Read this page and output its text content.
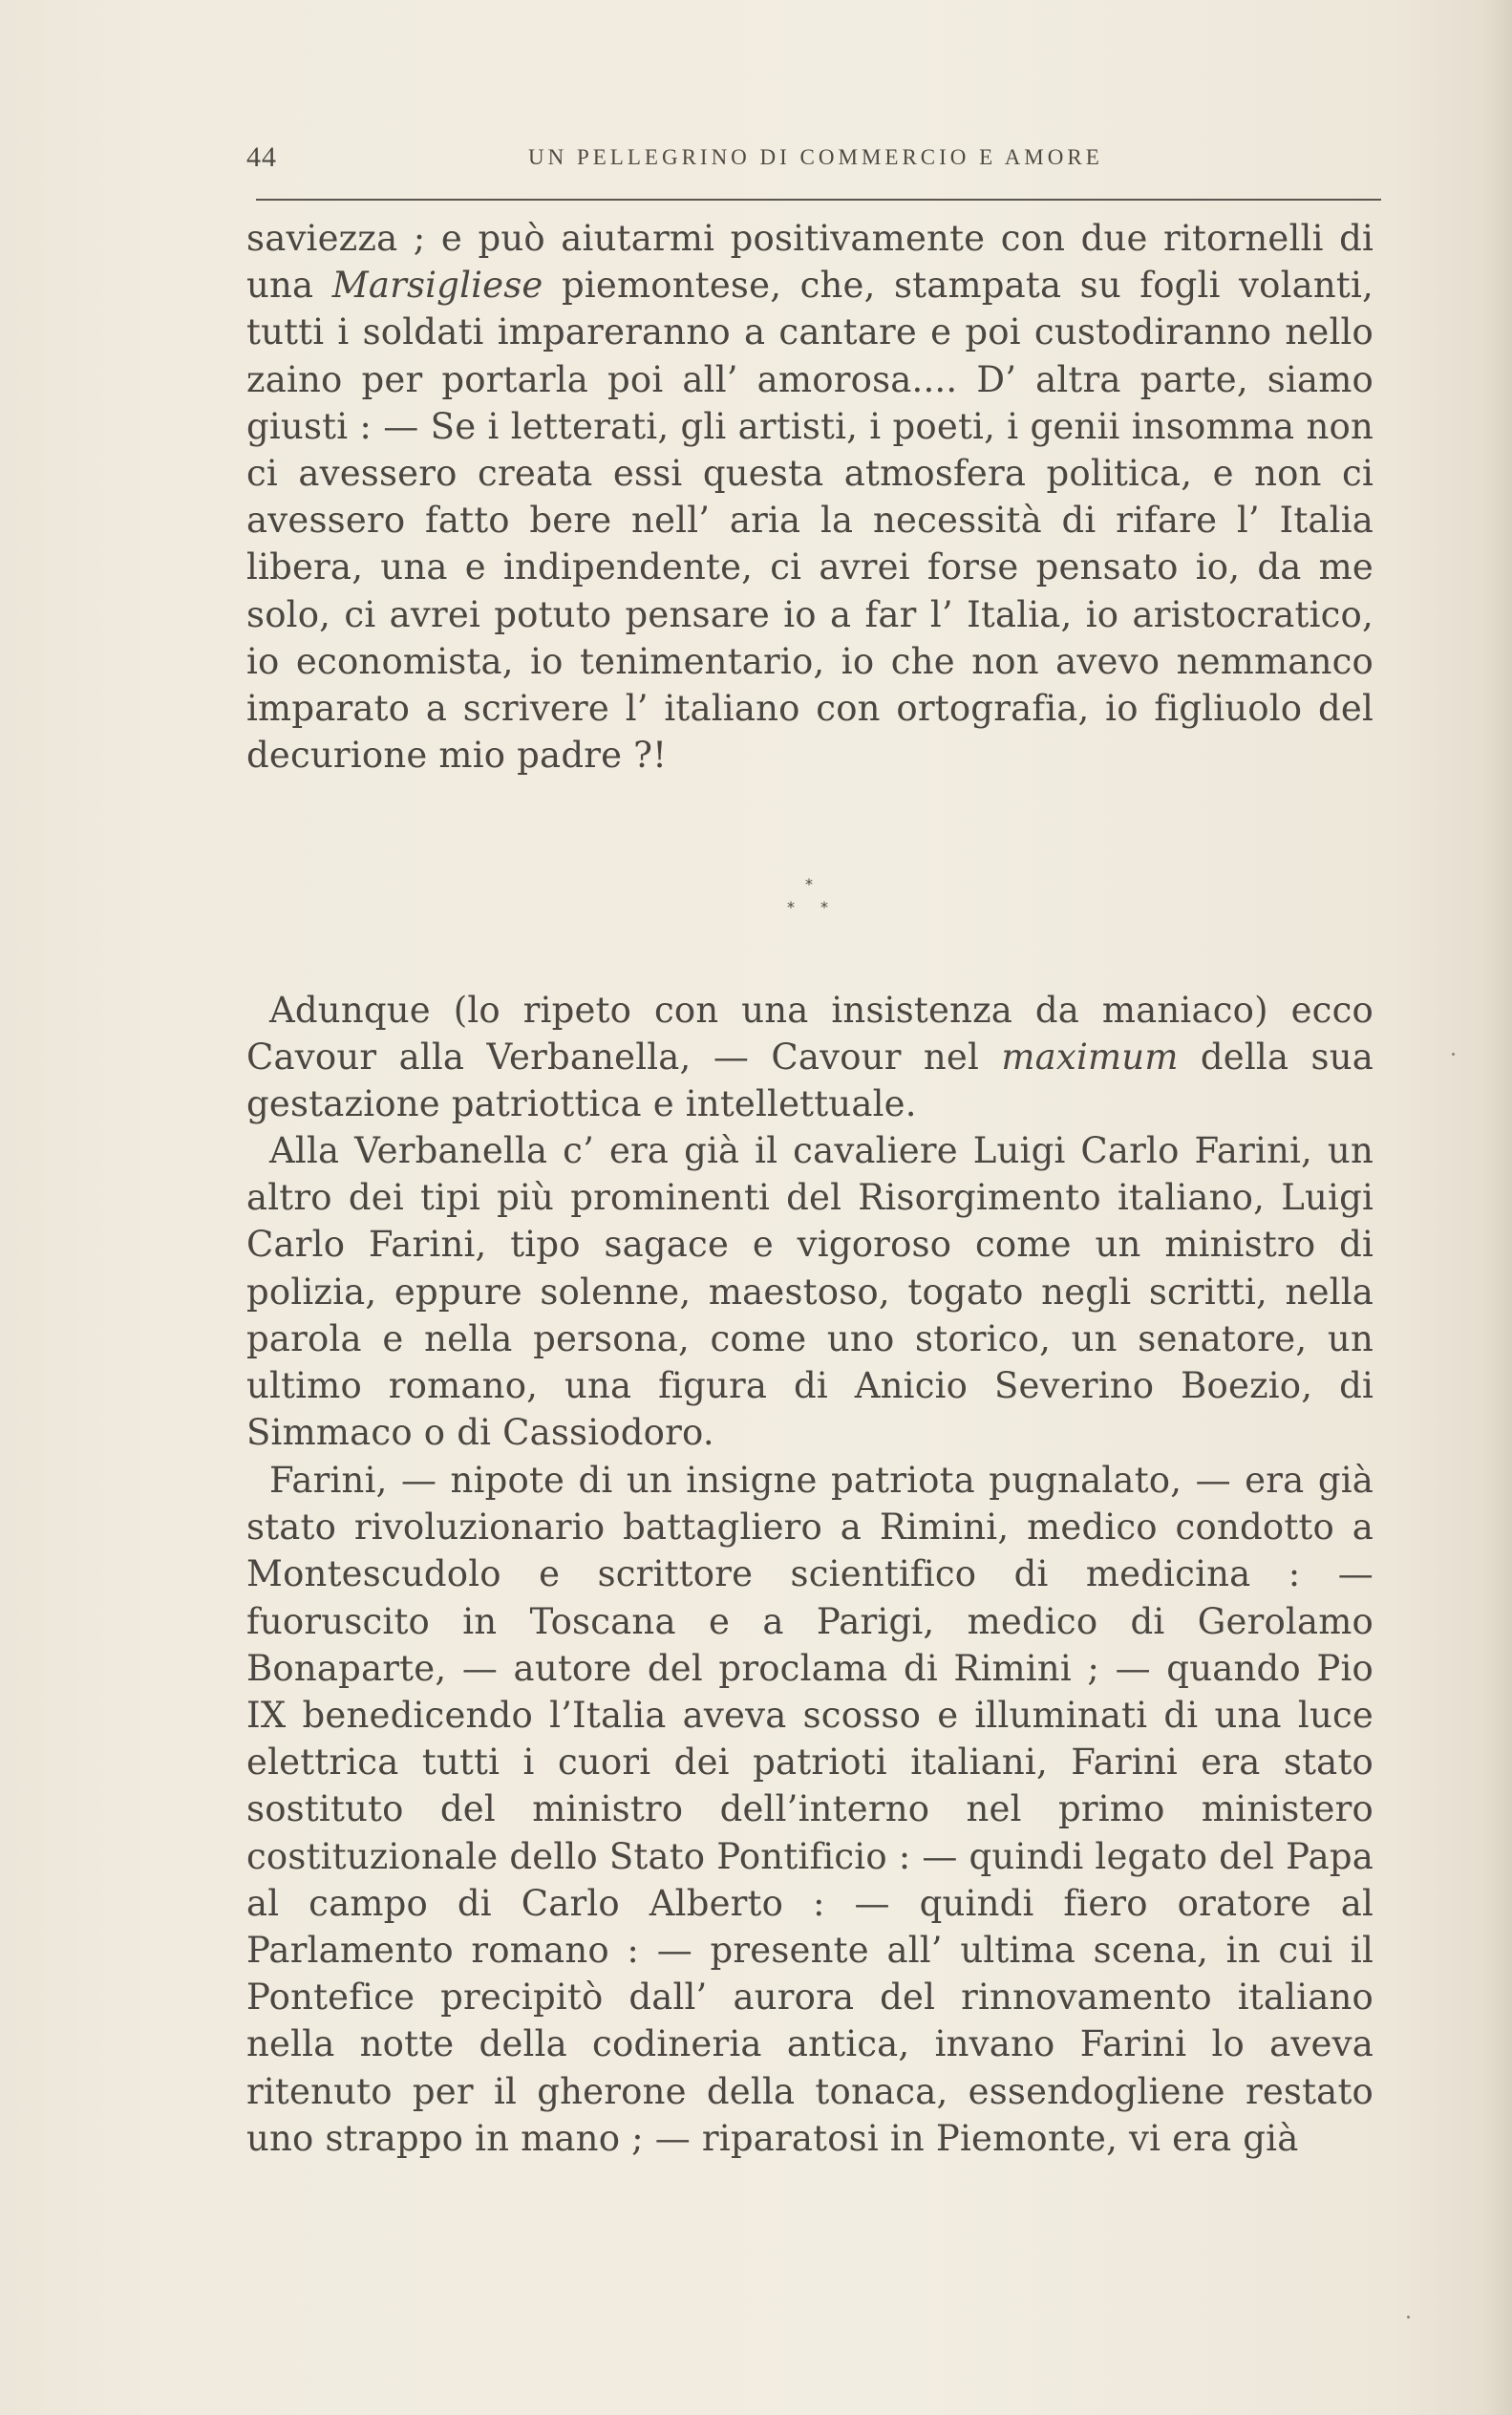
44	UN PELLEGRINO DI COMMERCIO E AMORE

saviezza ; e può aiutarmi positivamente con due ritornelli di una Marsigliese piemontese, che, stampata su fogli volanti, tutti i soldati impareranno a cantare e poi custodiranno nello zaino per portarla poi all’ amorosa.... D’ altra parte, siamo giusti : — Se i letterati, gli artisti, i poeti, i genii insomma non ci avessero creata essi questa atmosfera politica, e non ci avessero fatto bere nell’ aria la necessità di rifare l’ Italia libera, una e indipendente, ci avrei forse pensato io, da me solo, ci avrei potuto pensare io a far l’ Italia, io aristocratico, io economista, io tenimentario, io che non avevo nemmanco imparato a scrivere l’ italiano con ortografia, io figliuolo del decurione mio padre ?!

*
* *

Adunque (lo ripeto con una insistenza da maniaco) ecco Cavour alla Verbanella, — Cavour nel maximum della sua gestazione patriottica e intellettuale.

Alla Verbanella c’ era già il cavaliere Luigi Carlo Farini, un altro dei tipi più prominenti del Risorgimento italiano, Luigi Carlo Farini, tipo sagace e vigoroso come un ministro di polizia, eppure solenne, maestoso, togato negli scritti, nella parola e nella persona, come uno storico, un senatore, un ultimo romano, una figura di Anicio Severino Boezio, di Simmaco o di Cassiodoro.

Farini, — nipote di un insigne patriota pugnalato, — era già stato rivoluzionario battagliero a Rimini, medico condotto a Montescudolo e scrittore scientifico di medicina : — fuoruscito in Toscana e a Parigi, medico di Gerolamo Bonaparte, — autore del proclama di Rimini ; — quando Pio IX benedicendo l’Italia aveva scosso e illuminati di una luce elettrica tutti i cuori dei patrioti italiani, Farini era stato sostituto del ministro dell’interno nel primo ministero costituzionale dello Stato Pontificio : — quindi legato del Papa al campo di Carlo Alberto : — quindi fiero oratore al Parlamento romano : — presente all’ ultima scena, in cui il Pontefice precipitò dall’ aurora del rinnovamento italiano nella notte della codineria antica, invano Farini lo aveva ritenuto per il gherone della tonaca, essendogliene restato uno strappo in mano ; — riparatosi in Piemonte, vi era già
